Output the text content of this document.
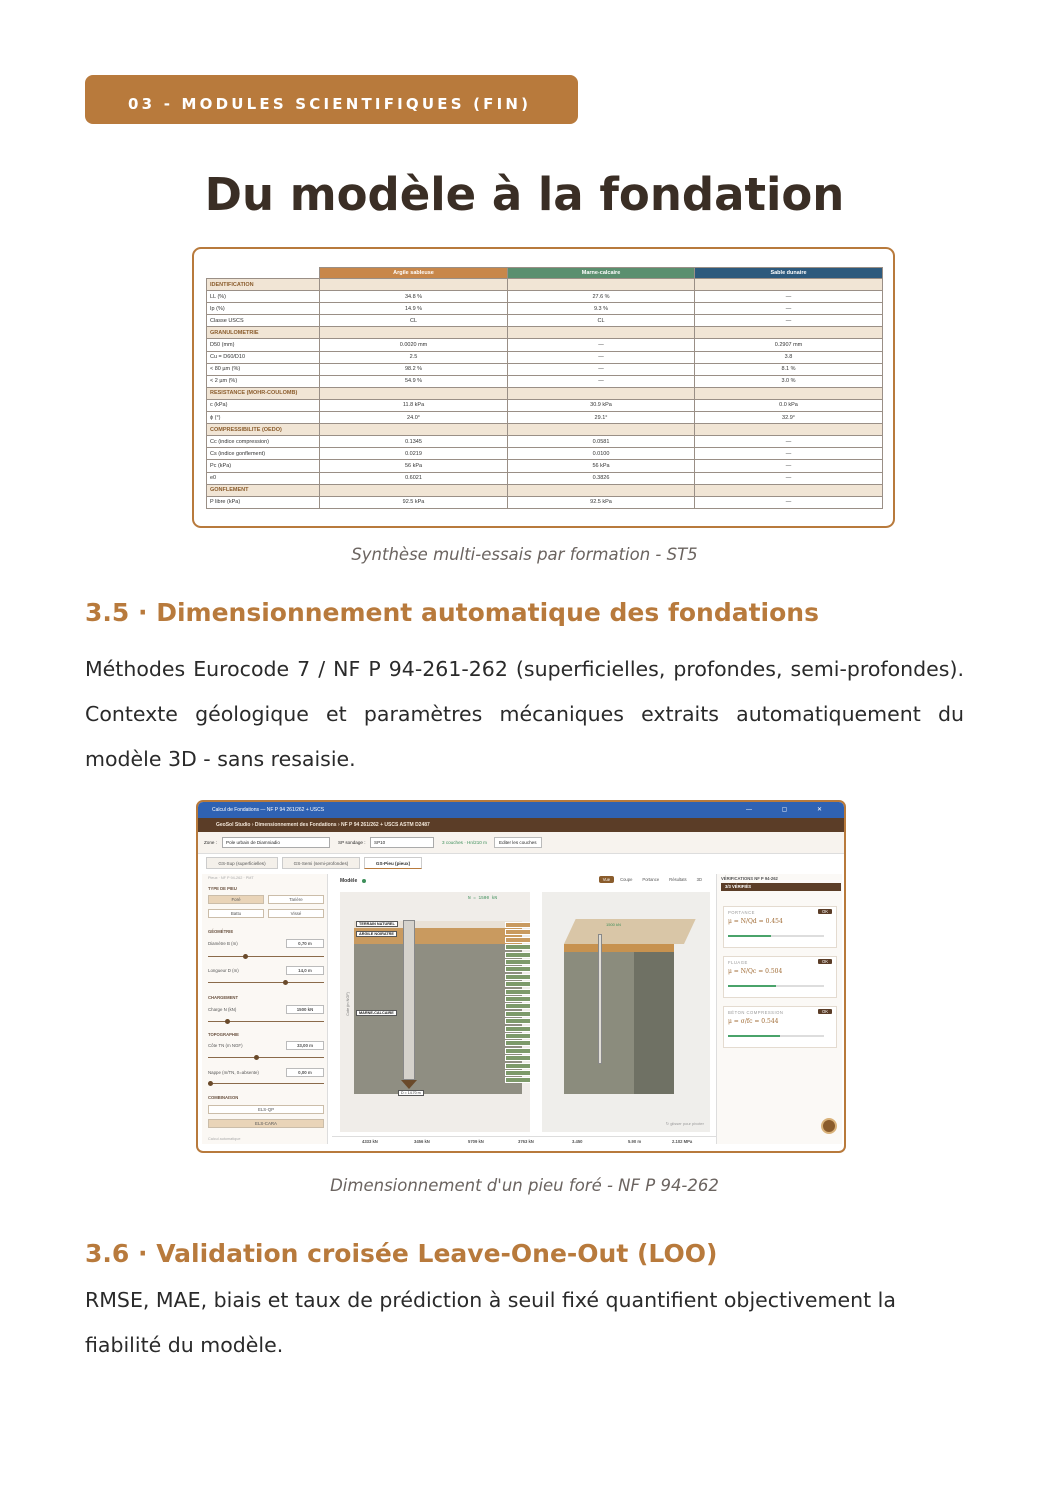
03 - MODULES SCIENTIFIQUES (FIN)
Du modèle à la fondation
	Argile sableuse	Marne-calcaire	Sable dunaire
IDENTIFICATION			
LL (%)	34.8 %	27.6 %	—
Ip (%)	14.9 %	9.3 %	—
Classe USCS	CL	CL	—
GRANULOMETRIE			
D50 (mm)	0.0020 mm	—	0.2907 mm
Cu = D60/D10	2.5	—	3.8
< 80 µm (%)	98.2 %	—	8.1 %
< 2 µm (%)	54.9 %	—	3.0 %
RESISTANCE (MOHR-COULOMB)			
c (kPa)	11.8 kPa	30.9 kPa	0.0 kPa
ϕ (°)	24.0°	29.1°	32.9°
COMPRESSIBILITE (OEDO)			
Cc (indice compression)	0.1345	0.0581	—
Cs (indice gonflement)	0.0219	0.0100	—
Pc (kPa)	56 kPa	56 kPa	—
e0	0.6021	0.3826	—
GONFLEMENT			
P libre (kPa)	92.5 kPa	92.5 kPa	—
Synthèse multi-essais par formation - ST5
3.5 · Dimensionnement automatique des fondations

Méthodes Eurocode 7 / NF P 94-261-262 (superficielles, profondes, semi-profondes). Contexte géologique et paramètres mécaniques extraits automatiquement du modèle 3D - sans resaisie.

Calcul de Fondations — NF P 94 261/262 + USCS	— ▢ ✕
GeoSol Studio › Dimensionnement des Fondations › NF P 94 261/262 + USCS ASTM D2487
Zone :	Pole urbain de Diamniadio	SP sondage :	SP10	3 couches · Hn/210 m	Editer les couches
GS-Sup (superficielles)	GS-Semi (semi-profondes)	GS-Pieu (pieux)
Pieux · NF P 94-262 · PMT
TYPE DE PIEU
Foré	Tarière
Battu	Vissé
GÉOMÉTRIE
Diamètre B (m)	0,70 m
Longueur D (m)	14,0 m
CHARGEMENT
Charge N (kN)	1500 kN
TOPOGRAPHIE
Côte TN (m NGF)	33,00 m
Nappe (m/TN, 0=absente)	0,00 m
COMBINAISON
ELS-QP
ELS-CARA
Calcul automatique
Modèle	Vue Coupe Portance Résultats 3D
N = 1500 kN
Cote (m NGF)
TERRAIN NATUREL
ARGILE NOIRATRE
MARNE-CALCAIRE
D = 14.70 m
↻ glisser pour pivoter
1500 kN
VÉRIFICATIONS NF P 94-262
3/3 VÉRIFIÉS
PORTANCE	OK
μ = N/Qd = 0.454
FLUAGE	OK
μ = N/Qc = 0.504
BÉTON COMPRESSION	OK
μ = σ/fc = 0.544
4333 kN	3456 kN	5709 kN	3763 kN	3.450	5.90 m	2.102 MPa
Dimensionnement d'un pieu foré - NF P 94-262
3.6 · Validation croisée Leave-One-Out (LOO)

RMSE, MAE, biais et taux de prédiction à seuil fixé quantifient objectivement la fiabilité du modèle.
